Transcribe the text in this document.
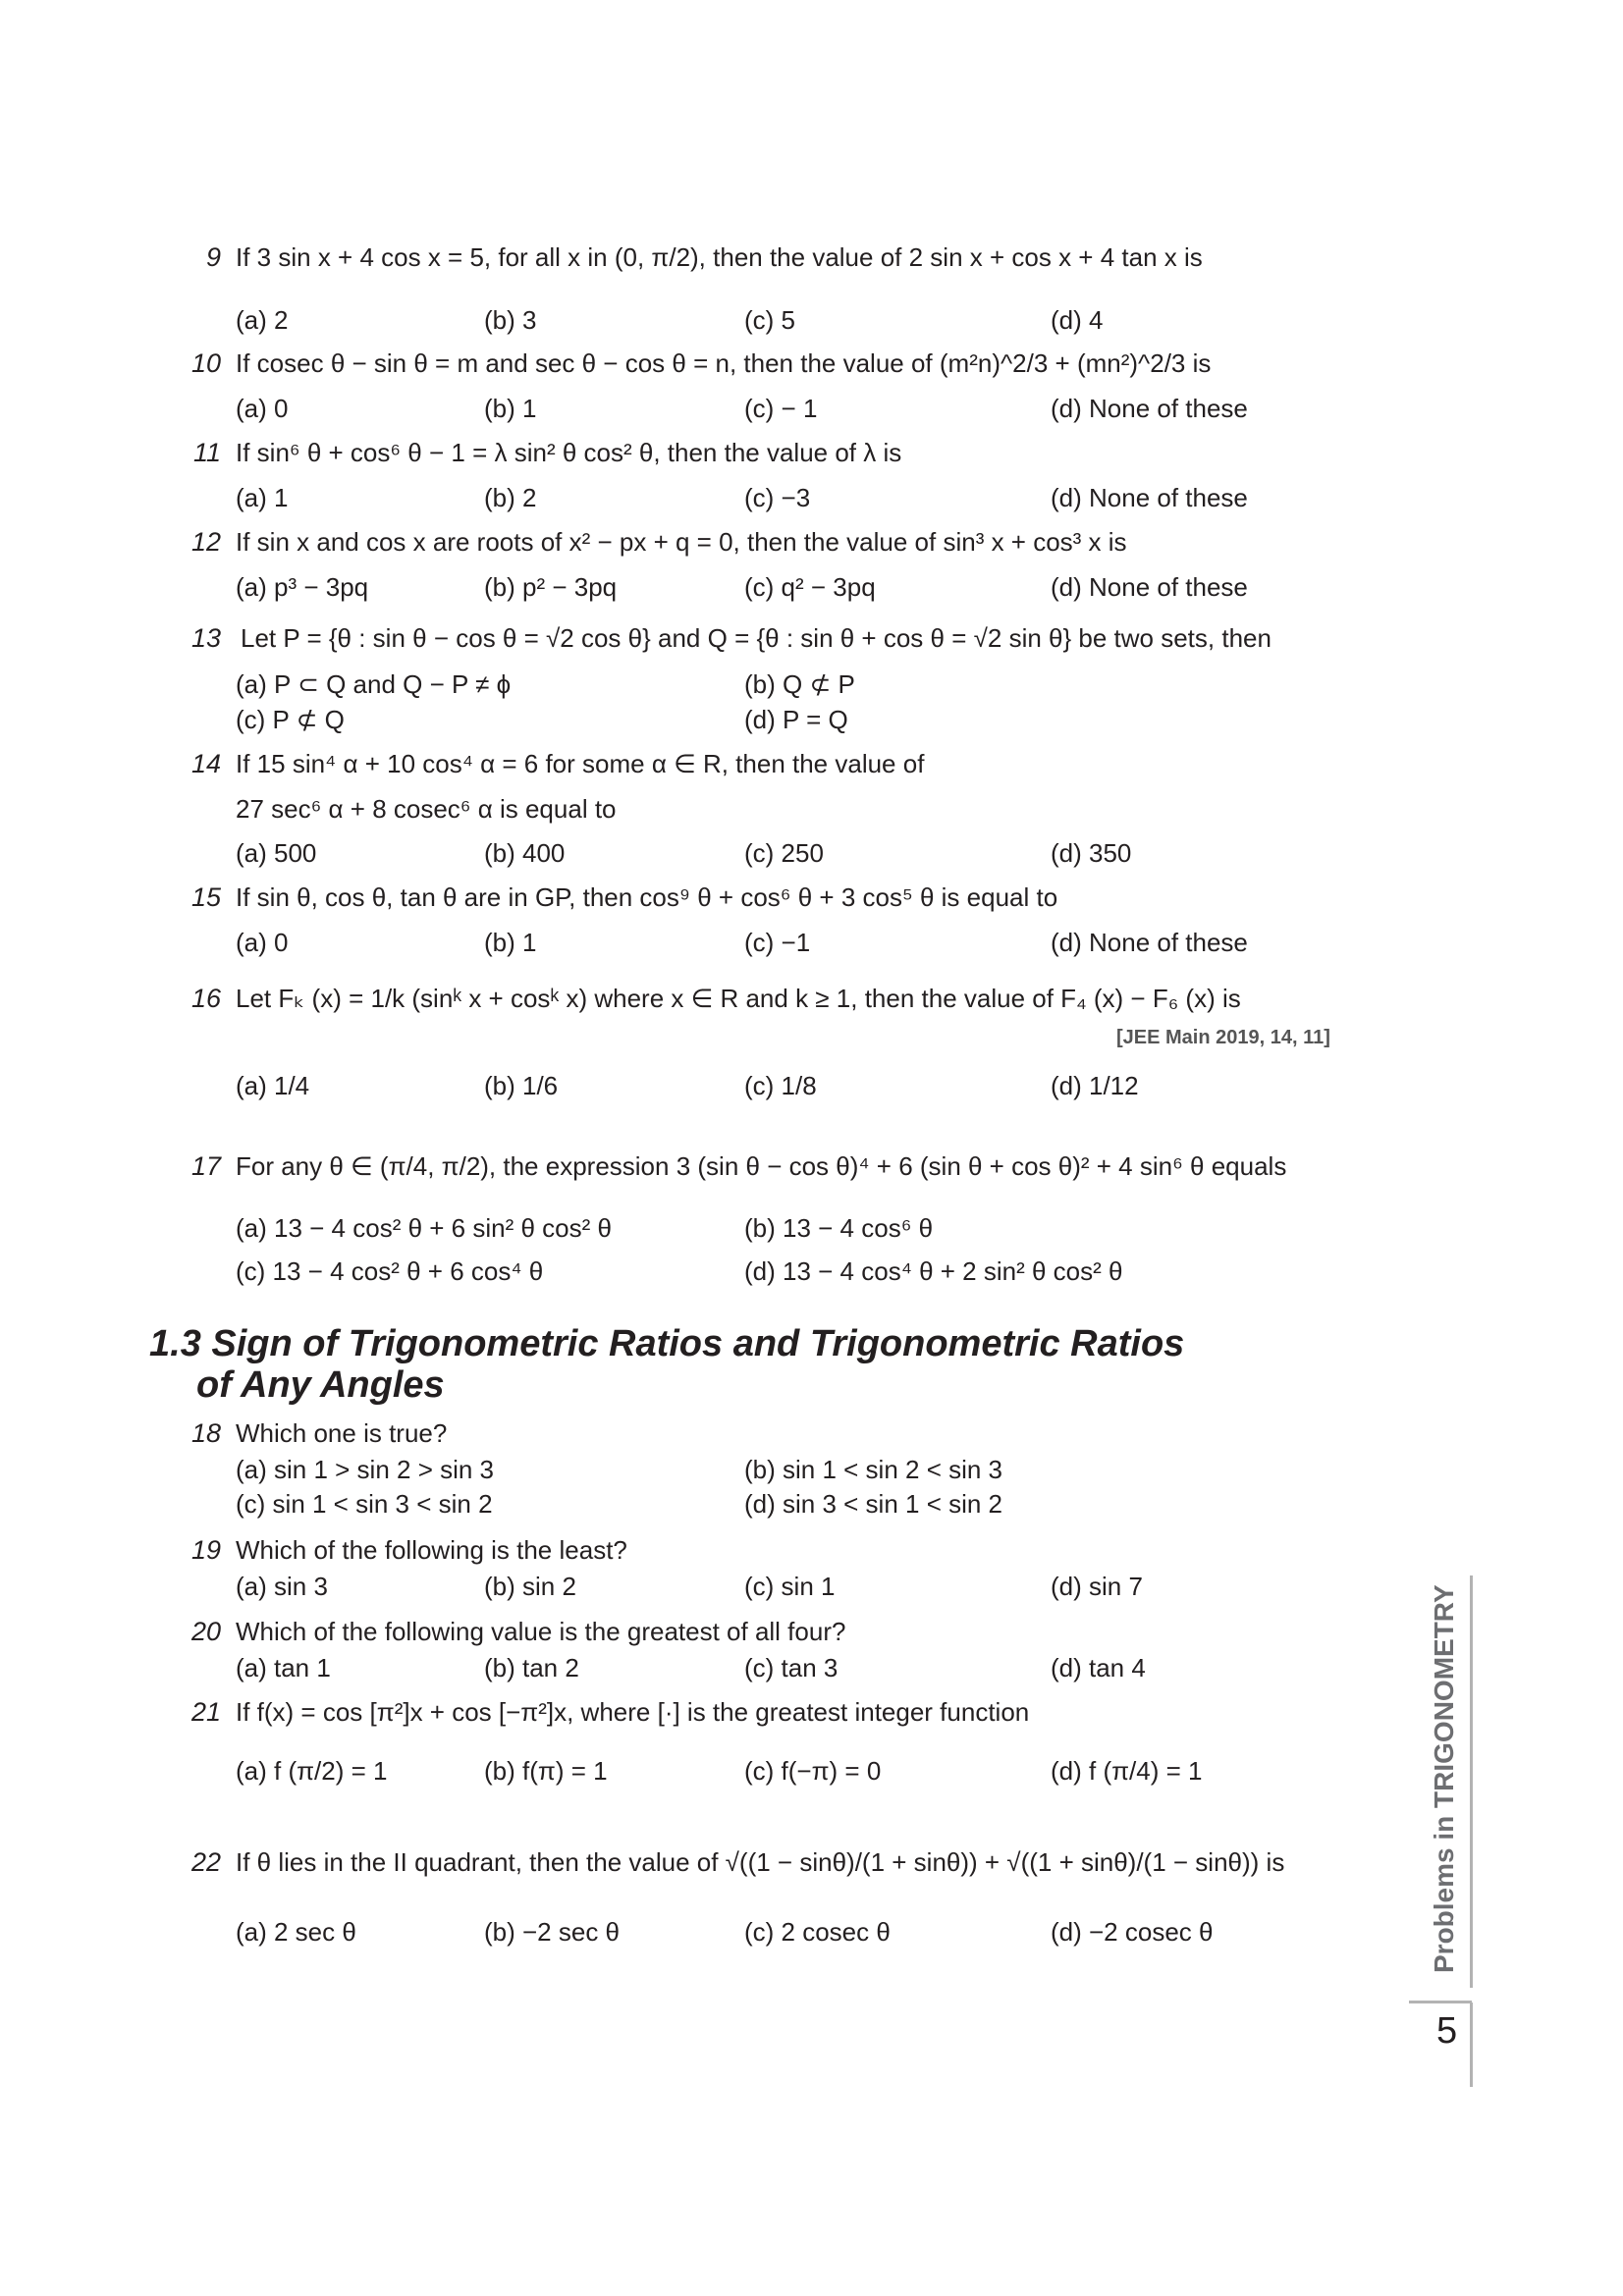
9 If 3 sin x + 4 cos x = 5, for all x in (0, π/2), then the value of 2 sin x + cos x + 4 tan x is
(a) 2	(b) 3	(c) 5	(d) 4
10 If cosec θ − sin θ = m and sec θ − cos θ = n, then the value of (m²n)^2/3 + (mn²)^2/3 is
(a) 0	(b) 1	(c) − 1	(d) None of these
11 If sin⁶ θ + cos⁶ θ − 1 = λ sin² θ cos² θ, then the value of λ is
(a) 1	(b) 2	(c) −3	(d) None of these
12 If sin x and cos x are roots of x² − px + q = 0, then the value of sin³ x + cos³ x is
(a) p³ − 3pq	(b) p² − 3pq	(c) q² − 3pq	(d) None of these
13 Let P = {θ : sin θ − cos θ = √2 cos θ} and Q = {θ : sin θ + cos θ = √2 sin θ} be two sets, then
(a) P ⊂ Q and Q − P ≠ ϕ	(b) Q ⊄ P
(c) P ⊄ Q	(d) P = Q
14 If 15 sin⁴ α + 10 cos⁴ α = 6 for some α ∈ R, then the value of
27 sec⁶ α + 8 cosec⁶ α is equal to
(a) 500	(b) 400	(c) 250	(d) 350
15 If sin θ, cos θ, tan θ are in GP, then cos⁹ θ + cos⁶ θ + 3 cos⁵ θ is equal to
(a) 0	(b) 1	(c) −1	(d) None of these
16 Let Fₖ (x) = 1/k (sinᵏ x + cosᵏ x) where x ∈ R and k ≥ 1, then the value of F₄ (x) − F₆ (x) is
[JEE Main 2019, 14, 11]
(a) 1/4	(b) 1/6	(c) 1/8	(d) 1/12
17 For any θ ∈ (π/4, π/2), the expression 3 (sin θ − cos θ)⁴ + 6 (sin θ + cos θ)² + 4 sin⁶ θ equals
(a) 13 − 4 cos² θ + 6 sin² θ cos² θ	(b) 13 − 4 cos⁶ θ
(c) 13 − 4 cos² θ + 6 cos⁴ θ	(d) 13 − 4 cos⁴ θ + 2 sin² θ cos² θ
1.3 Sign of Trigonometric Ratios and Trigonometric Ratios
of Any Angles
18 Which one is true?
(a) sin 1 > sin 2 > sin 3	(b) sin 1 < sin 2 < sin 3
(c) sin 1 < sin 3 < sin 2	(d) sin 3 < sin 1 < sin 2
19 Which of the following is the least?
(a) sin 3	(b) sin 2	(c) sin 1	(d) sin 7
20 Which of the following value is the greatest of all four?
(a) tan 1	(b) tan 2	(c) tan 3	(d) tan 4
21 If f(x) = cos [π²]x + cos [−π²]x, where [·] is the greatest integer function
(a) f (π/2) = 1	(b) f(π) = 1	(c) f(−π) = 0	(d) f (π/4) = 1
22 If θ lies in the II quadrant, then the value of √((1 − sinθ)/(1 + sinθ)) + √((1 + sinθ)/(1 − sinθ)) is
(a) 2 sec θ	(b) −2 sec θ	(c) 2 cosec θ	(d) −2 cosec θ	Problems in TRIGONOMETRY
5
